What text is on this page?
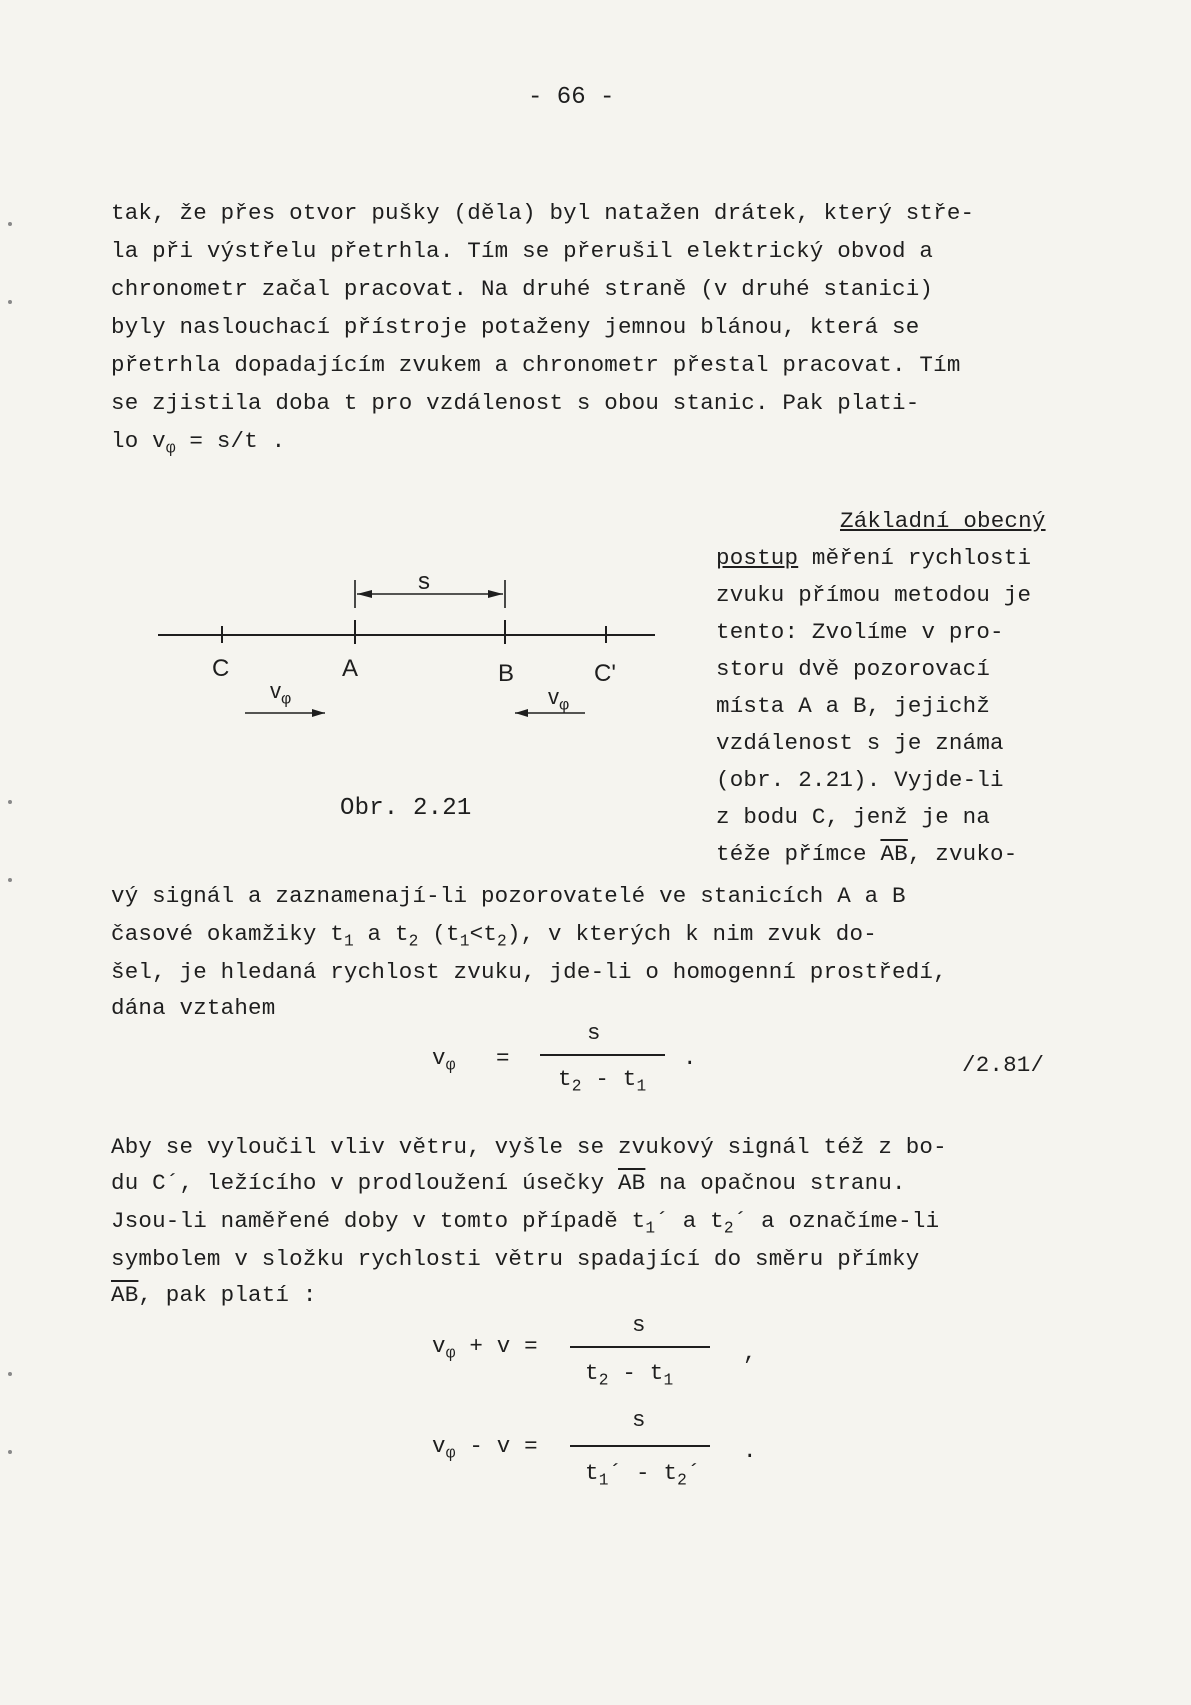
- 66 -
tak, že přes otvor pušky (děla) byl natažen drátek, který stře-
la při výstřelu přetrhla. Tím se přerušil elektrický obvod a
chronometr začal pracovat. Na druhé straně (v druhé stanici)
byly naslouchací přístroje potaženy jemnou blánou, která se
přetrhla dopadajícím zvukem a chronometr přestal pracovat. Tím
se zjistila doba t pro vzdálenost s obou stanic. Pak plati-
lo $v_\varphi = s/t$ .
Základní obecný
postup měření rychlosti
zvuku přímou metodou je
tento: Zvolíme v pro-
storu dvě pozorovací
místa A a B, jejichž
vzdálenost s je známa
(obr. 2.21). Vyjde-li
z bodu C, jenž je na
téže přímce $\overline{AB}$, zvuko-
s
C	A	B	C'
$v_\varphi$	$v_\varphi$
Obr. 2.21
vý signál a zaznamenají-li pozorovatelé ve stanicích A a B
časové okamžiky $t_1$ a $t_2$ $(t_1<t_2)$, v kterých k nim zvuk do-
šel, je hledaná rychlost zvuku, jde-li o homogenní prostředí,
dána vztahem
$v_\varphi$ =
s
$t_2 - t_1$
.	/2.81/
Aby se vyloučil vliv větru, vyšle se zvukový signál též z bo-
du C´, ležícího v prodloužení úsečky $\overline{AB}$ na opačnou stranu.
Jsou-li naměřené doby v tomto případě $t_1´$ a $t_2´$ a označíme-li
symbolem v složku rychlosti větru spadající do směru přímky
$\overline{AB}$, pak platí :
$v_\varphi + v$ =
s
$t_2 - t_1$
,
$v_\varphi$ - v =
s
$t_1´$ - $t_2´$
.
